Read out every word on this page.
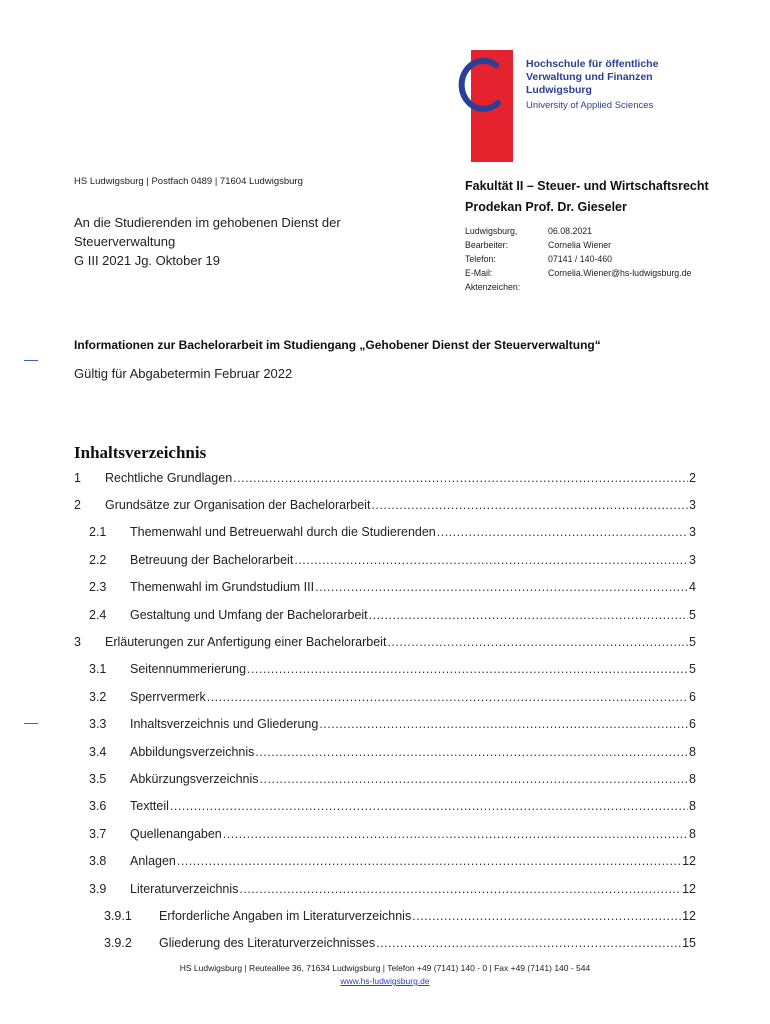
Hochschule für öffentliche
Verwaltung und Finanzen
Ludwigsburg
University of Applied Sciences
HS Ludwigsburg | Postfach 0489 | 71604 Ludwigsburg
An die Studierenden im gehobenen Dienst der
Steuerverwaltung
G III 2021 Jg. Oktober 19
Fakultät II – Steuer- und Wirtschaftsrecht
Prodekan Prof. Dr. Gieseler
Ludwigsburg,	06.08.2021
Bearbeiter:	Cornelia Wiener
Telefon:	07141 / 140-460
E-Mail:	Cornelia.Wiener@hs-ludwigsburg.de
Aktenzeichen:
Informationen zur Bachelorarbeit im Studiengang „Gehobener Dienst der Steuerverwaltung“
Gültig für Abgabetermin Februar 2022
Inhaltsverzeichnis
1	Rechtliche Grundlagen .....	2
2	Grundsätze zur Organisation der Bachelorarbeit .....	3
2.1	Themenwahl und Betreuerwahl durch die Studierenden .....	3
2.2	Betreuung der Bachelorarbeit .....	3
2.3	Themenwahl im Grundstudium III .....	4
2.4	Gestaltung und Umfang der Bachelorarbeit .....	5
3	Erläuterungen zur Anfertigung einer Bachelorarbeit .....	5
3.1	Seitennummerierung .....	5
3.2	Sperrvermerk .....	6
3.3	Inhaltsverzeichnis und Gliederung .....	6
3.4	Abbildungsverzeichnis .....	8
3.5	Abkürzungsverzeichnis .....	8
3.6	Textteil .....	8
3.7	Quellenangaben .....	8
3.8	Anlagen .....	12
3.9	Literaturverzeichnis .....	12
3.9.1	Erforderliche Angaben im Literaturverzeichnis .....	12
3.9.2	Gliederung des Literaturverzeichnisses .....	15
HS Ludwigsburg | Reuteallee 36, 71634 Ludwigsburg | Telefon +49 (7141) 140 - 0 | Fax +49 (7141) 140 - 544
www.hs-ludwigsburg.de
